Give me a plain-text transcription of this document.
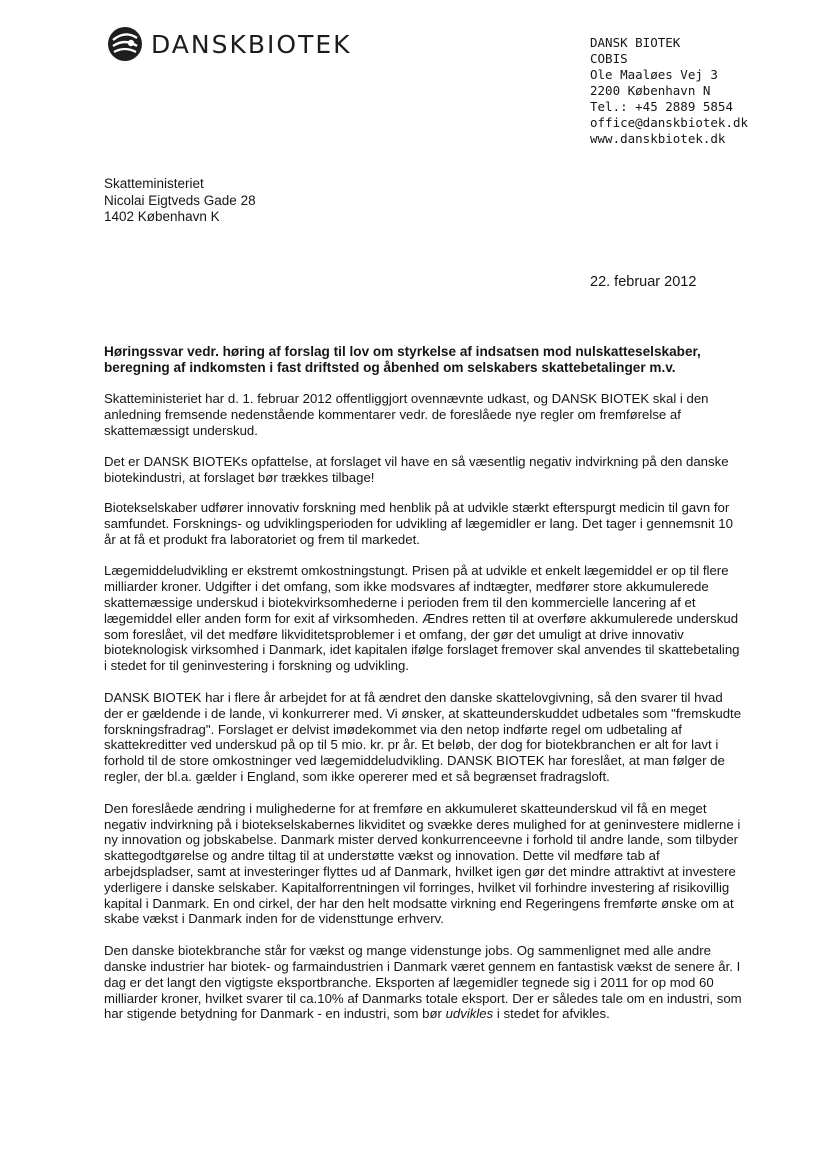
DANSKBIOTEK	DANSK BIOTEK
COBIS
Ole Maaløes Vej 3
2200 København N
Tel.: +45 2889 5854
office@danskbiotek.dk
www.danskbiotek.dk
Skatteministeriet
Nicolai Eigtveds Gade 28
1402 København K
22. februar 2012
Høringssvar vedr. høring af forslag til lov om styrkelse af indsatsen mod nulskatteselskaber, beregning af indkomsten i fast driftsted og åbenhed om selskabers skattebetalinger m.v.

Skatteministeriet har d. 1. februar 2012 offentliggjort ovennævnte udkast, og DANSK BIOTEK skal i den anledning fremsende nedenstående kommentarer vedr. de foreslåede nye regler om fremførelse af skattemæssigt underskud.

Det er DANSK BIOTEKs opfattelse, at forslaget vil have en så væsentlig negativ indvirkning på den danske biotekindustri, at forslaget bør trækkes tilbage!

Biotekselskaber udfører innovativ forskning med henblik på at udvikle stærkt efterspurgt medicin til gavn for samfundet. Forsknings- og udviklingsperioden for udvikling af lægemidler er lang. Det tager i gennemsnit 10 år at få et produkt fra laboratoriet og frem til markedet.

Lægemiddeludvikling er ekstremt omkostningstungt. Prisen på at udvikle et enkelt lægemiddel er op til flere milliarder kroner. Udgifter i det omfang, som ikke modsvares af indtægter, medfører store akkumulerede skattemæssige underskud i biotekvirksomhederne i perioden frem til den kommercielle lancering af et lægemiddel eller anden form for exit af virksomheden. Ændres retten til at overføre akkumulerede underskud som foreslået, vil det medføre likviditetsproblemer i et omfang, der gør det umuligt at drive innovativ bioteknologisk virksomhed i Danmark, idet kapitalen ifølge forslaget fremover skal anvendes til skattebetaling i stedet for til geninvestering i forskning og udvikling.

DANSK BIOTEK har i flere år arbejdet for at få ændret den danske skattelovgivning, så den svarer til hvad der er gældende i de lande, vi konkurrerer med. Vi ønsker, at skatteunderskuddet udbetales som "fremskudte forskningsfradrag". Forslaget er delvist imødekommet via den netop indførte regel om udbetaling af skattekreditter ved underskud på op til 5 mio. kr. pr år. Et beløb, der dog for biotekbranchen er alt for lavt i forhold til de store omkostninger ved lægemiddeludvikling. DANSK BIOTEK har foreslået, at man følger de regler, der bl.a. gælder i England, som ikke opererer med et så begrænset fradragsloft.

Den foreslåede ændring i mulighederne for at fremføre en akkumuleret skatteunderskud vil få en meget negativ indvirkning på i biotekselskabernes likviditet og svække deres mulighed for at geninvestere midlerne i ny innovation og jobskabelse. Danmark mister derved konkurrenceevne i forhold til andre lande, som tilbyder skattegodtgørelse og andre tiltag til at understøtte vækst og innovation. Dette vil medføre tab af arbejdspladser, samt at investeringer flyttes ud af Danmark, hvilket igen gør det mindre attraktivt at investere yderligere i danske selskaber. Kapitalforrentningen vil forringes, hvilket vil forhindre investering af risikovillig kapital i Danmark. En ond cirkel, der har den helt modsatte virkning end Regeringens fremførte ønske om at skabe vækst i Danmark inden for de vidensttunge erhverv.

Den danske biotekbranche står for vækst og mange videnstunge jobs. Og sammenlignet med alle andre danske industrier har biotek- og farmaindustrien i Danmark været gennem en fantastisk vækst de senere år. I dag er det langt den vigtigste eksportbranche. Eksporten af lægemidler tegnede sig i 2011 for op mod 60 milliarder kroner, hvilket svarer til ca.10% af Danmarks totale eksport. Der er således tale om en industri, som har stigende betydning for Danmark - en industri, som bør udvikles i stedet for afvikles.
